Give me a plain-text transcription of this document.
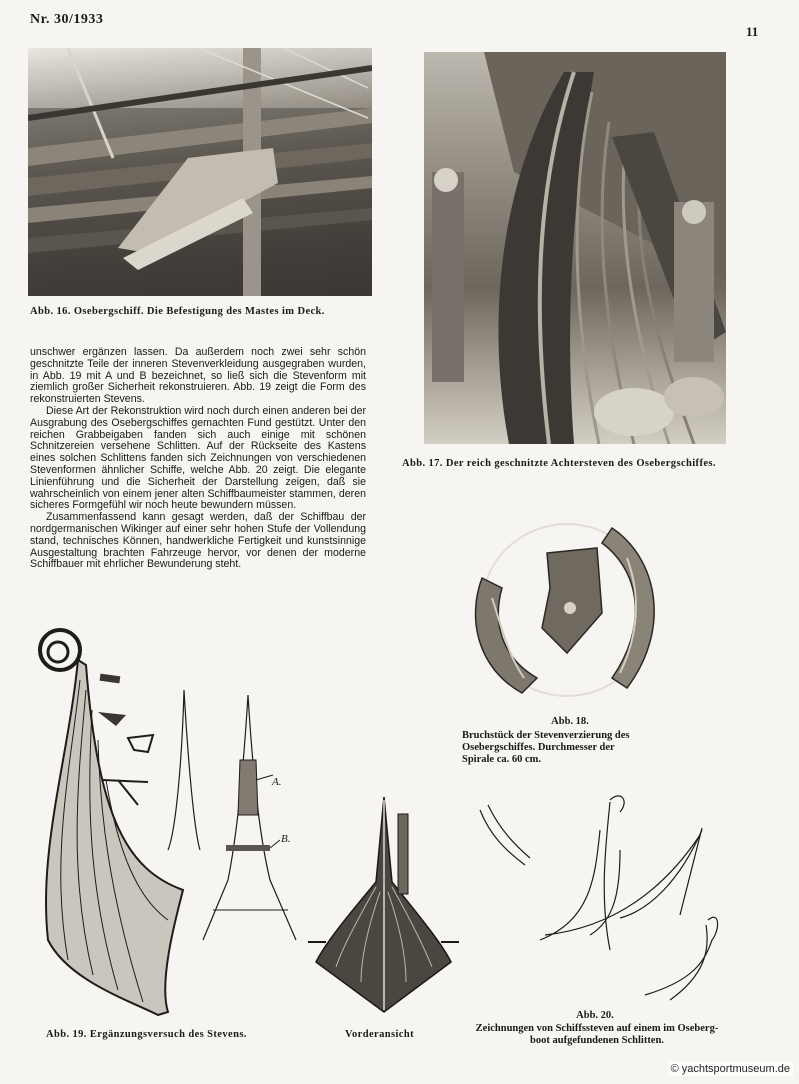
Nr. 30/1933
11
Abb. 16. Osebergschiff. Die Befestigung des Mastes im Deck.
Abb. 17. Der reich geschnitzte Achtersteven des Osebergschiffes.

unschwer ergänzen lassen. Da außerdem noch zwei sehr schön geschnitzte Teile der inneren Stevenverkleidung ausgegraben wurden, in Abb. 19 mit A und B bezeichnet, so ließ sich die Stevenform mit ziemlich großer Sicherheit rekonstruieren. Abb. 19 zeigt die Form des rekonstruierten Stevens.

Diese Art der Rekonstruktion wird noch durch einen anderen bei der Ausgrabung des Osebergschiffes gemachten Fund gestützt. Unter den reichen Grabbeigaben fanden sich auch einige mit schönen Schnitzereien versehene Schlitten. Auf der Rückseite des Kastens eines solchen Schlittens fanden sich Zeichnungen von verschiedenen Stevenformen ähnlicher Schiffe, welche Abb. 20 zeigt. Die elegante Linienführung und die Sicherheit der Darstellung zeigen, daß sie wahrscheinlich von einem jener alten Schiffbaumeister stammen, deren sicheres Formgefühl wir noch heute bewundern müssen.

Zusammenfassend kann gesagt werden, daß der Schiffbau der nordgermanischen Wikinger auf einer sehr hohen Stufe der Vollendung stand, technisches Können, handwerkliche Fertigkeit und kunstsinnige Ausgestaltung brachten Fahrzeuge hervor, vor denen der moderne Schiffbauer mit ehrlicher Bewunderung steht.

Abb. 18.
Bruchstück der Stevenverzierung des
Osebergschiffes. Durchmesser der
Spirale ca. 60 cm.
A.
B.
Abb. 19. Ergänzungsversuch des Stevens.	Vorderansicht
Abb. 20.
Zeichnungen von Schiffssteven auf einem im Oseberg-
boot aufgefundenen Schlitten.
© yachtsportmuseum.de
